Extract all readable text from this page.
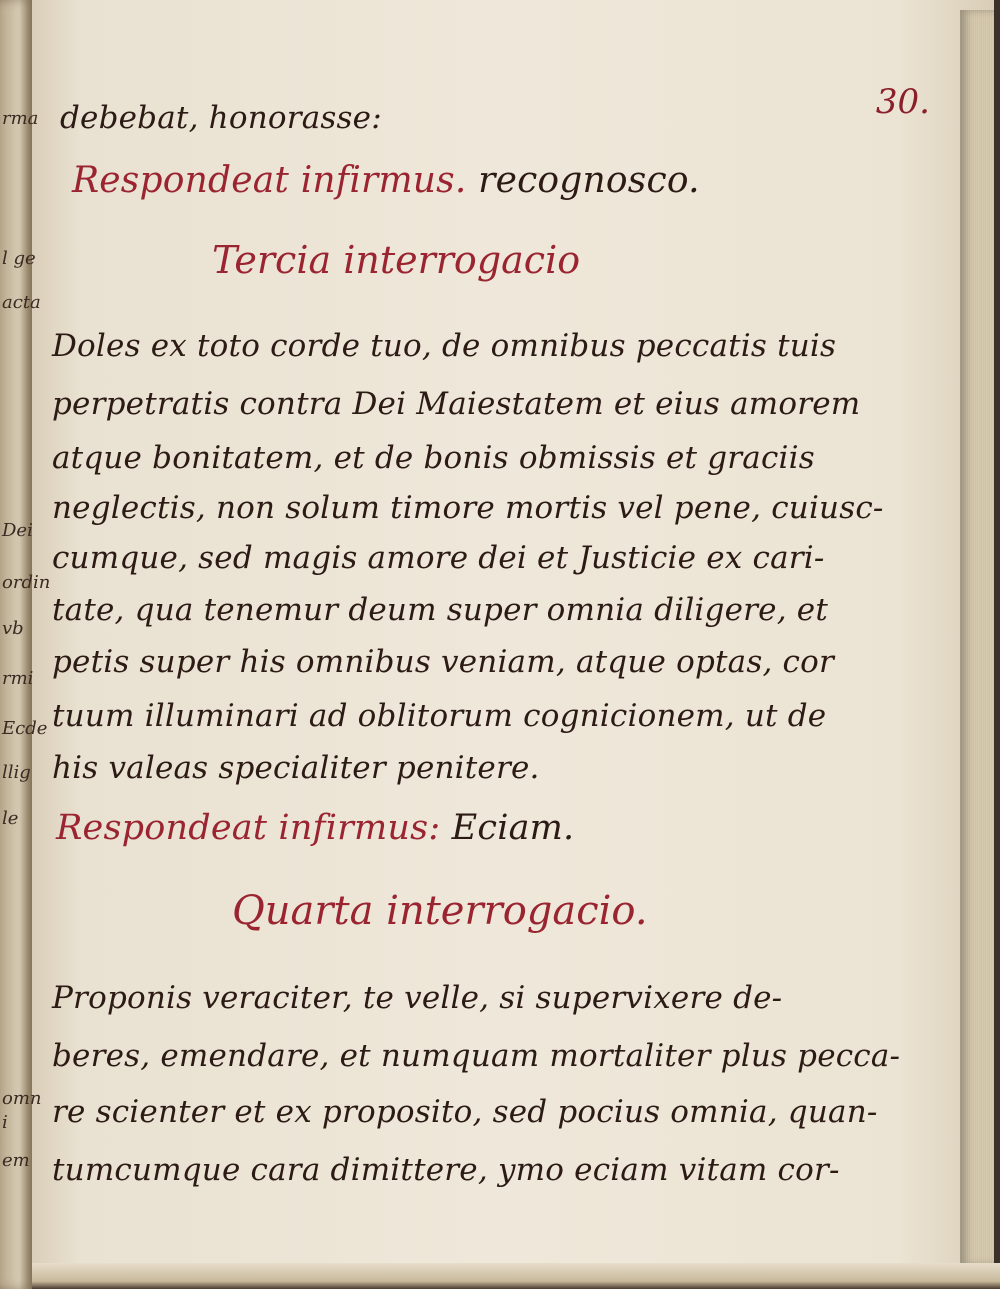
rma
l ge
acta
Dei
ordin
vb
rmi
Ecde
llig
le
omn
i
em
30.
debebat, honorasse:
Respondeat infirmus. recognosco.
Tercia interrogacio
Doles ex toto corde tuo, de omnibus peccatis tuis
perpetratis contra Dei Maiestatem et eius amorem
atque bonitatem, et de bonis obmissis et graciis
neglectis, non solum timore mortis vel pene, cuiusc-
cumque, sed magis amore dei et Justicie ex cari-
tate, qua tenemur deum super omnia diligere, et
petis super his omnibus veniam, atque optas, cor
tuum illuminari ad oblitorum cognicionem, ut de
his valeas specialiter penitere.
Respondeat infirmus: Eciam.
Quarta interrogacio.
Proponis veraciter, te velle, si supervixere de-
beres, emendare, et numquam mortaliter plus pecca-
re scienter et ex proposito, sed pocius omnia, quan-
tumcumque cara dimittere, ymo eciam vitam cor-
